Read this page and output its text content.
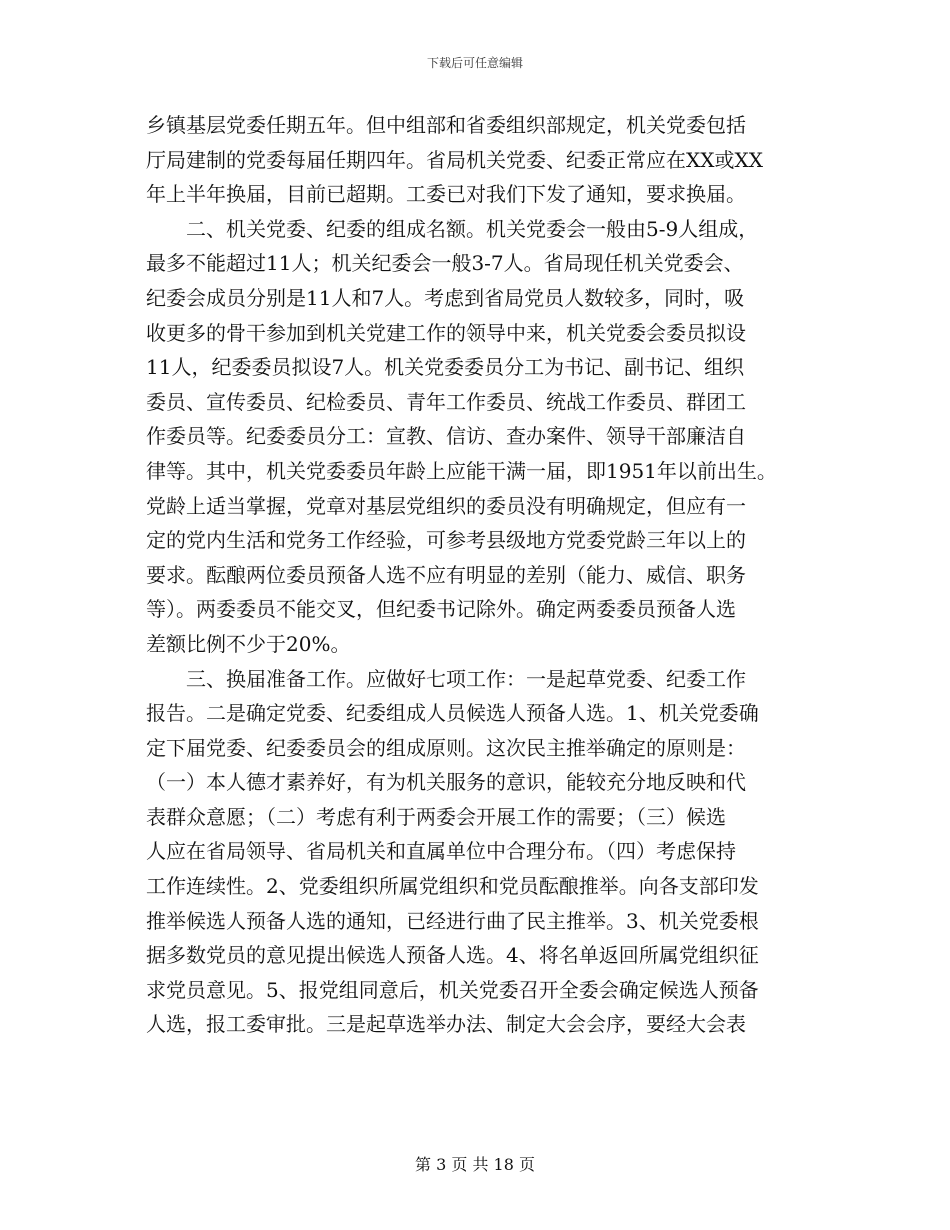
下载后可任意编辑
乡镇基层党委任期五年。但中组部和省委组织部规定，机关党委包括
厅局建制的党委每届任期四年。省局机关党委、纪委正常应在XX或XX
年上半年换届，目前已超期。工委已对我们下发了通知，要求换届。
　　二、机关党委、纪委的组成名额。机关党委会一般由5-9人组成，
最多不能超过11人；机关纪委会一般3-7人。省局现任机关党委会、
纪委会成员分别是11人和7人。考虑到省局党员人数较多，同时，吸
收更多的骨干参加到机关党建工作的领导中来，机关党委会委员拟设
11人，纪委委员拟设7人。机关党委委员分工为书记、副书记、组织
委员、宣传委员、纪检委员、青年工作委员、统战工作委员、群团工
作委员等。纪委委员分工：宣教、信访、查办案件、领导干部廉洁自
律等。其中，机关党委委员年龄上应能干满一届，即1951年以前出生。
党龄上适当掌握，党章对基层党组织的委员没有明确规定，但应有一
定的党内生活和党务工作经验，可参考县级地方党委党龄三年以上的
要求。酝酿两位委员预备人选不应有明显的差别（能力、威信、职务
等）。两委委员不能交叉，但纪委书记除外。确定两委委员预备人选
差额比例不少于20%。
　　三、换届准备工作。应做好七项工作：一是起草党委、纪委工作
报告。二是确定党委、纪委组成人员候选人预备人选。1、机关党委确
定下届党委、纪委委员会的组成原则。这次民主推举确定的原则是：
（一）本人德才素养好，有为机关服务的意识，能较充分地反映和代
表群众意愿；（二）考虑有利于两委会开展工作的需要；（三）候选
人应在省局领导、省局机关和直属单位中合理分布。（四）考虑保持
工作连续性。2、党委组织所属党组织和党员酝酿推举。向各支部印发
推举候选人预备人选的通知，已经进行曲了民主推举。3、机关党委根
据多数党员的意见提出候选人预备人选。4、将名单返回所属党组织征
求党员意见。5、报党组同意后，机关党委召开全委会确定候选人预备
人选，报工委审批。三是起草选举办法、制定大会会序，要经大会表
第 3 页 共 18 页
